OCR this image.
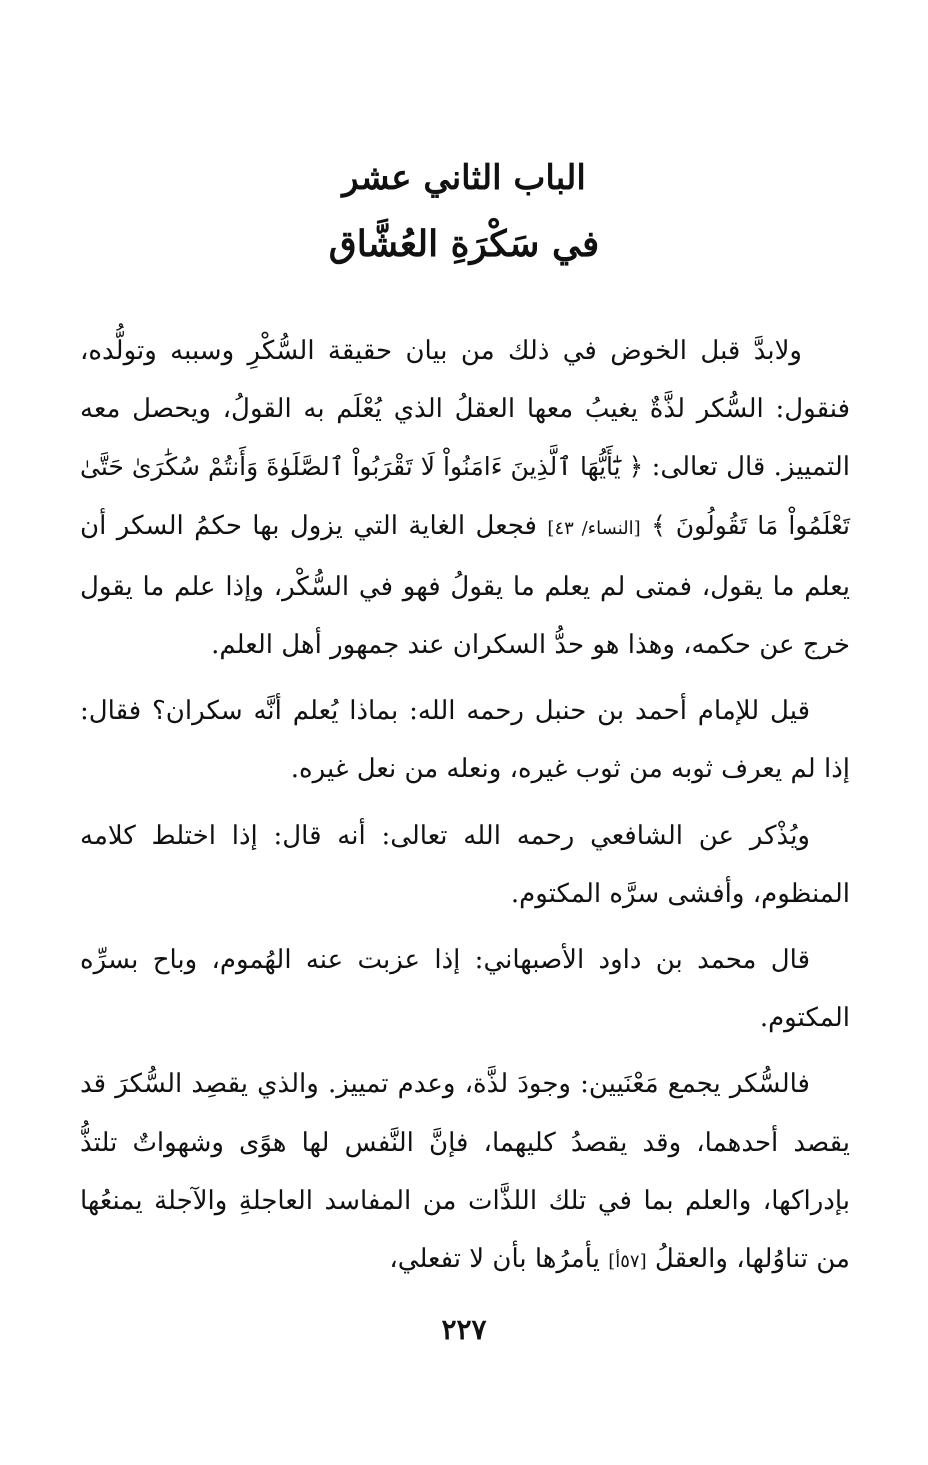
الباب الثاني عشر
في سَكْرَةِ العُشَّاق

ولابدَّ قبل الخوض في ذلك من بيان حقيقة السُّكْرِ وسببه وتولُّده، فنقول: السُّكر لذَّةٌ يغيبُ معها العقلُ الذي يُعْلَم به القولُ، ويحصل معه التمييز. قال تعالى: ﴿ يَٰٓأَيُّهَا ٱلَّذِينَ ءَامَنُواْ لَا تَقْرَبُواْ ٱلصَّلَوٰةَ وَأَنتُمْ سُكَٰرَىٰ حَتَّىٰ تَعْلَمُواْ مَا تَقُولُونَ ﴾ [النساء/ ٤٣] فجعل الغاية التي يزول بها حكمُ السكر أن يعلم ما يقول، فمتى لم يعلم ما يقولُ فهو في السُّكْر، وإذا علم ما يقول خرج عن حكمه، وهذا هو حدُّ السكران عند جمهور أهل العلم.

قيل للإمام أحمد بن حنبل رحمه الله: بماذا يُعلم أنَّه سكران؟ فقال: إذا لم يعرف ثوبه من ثوب غيره، ونعله من نعل غيره.

ويُذْكر عن الشافعي رحمه الله تعالى: أنه قال: إذا اختلط كلامه المنظوم، وأفشى سرَّه المكتوم.

قال محمد بن داود الأصبهاني: إذا عزبت عنه الهُموم، وباح بسرِّه المكتوم.

فالسُّكر يجمع مَعْنَيين: وجودَ لذَّة، وعدم تمييز. والذي يقصِد السُّكرَ قد يقصد أحدهما، وقد يقصدُ كليهما، فإنَّ النَّفس لها هوًى وشهواتٌ تلتذُّ بإدراكها، والعلم بما في تلك اللذَّات من المفاسد العاجلةِ والآجلة يمنعُها من تناوُلها، والعقلُ [٥٧أ] يأمرُها بأن لا تفعلي،

٢٢٧
